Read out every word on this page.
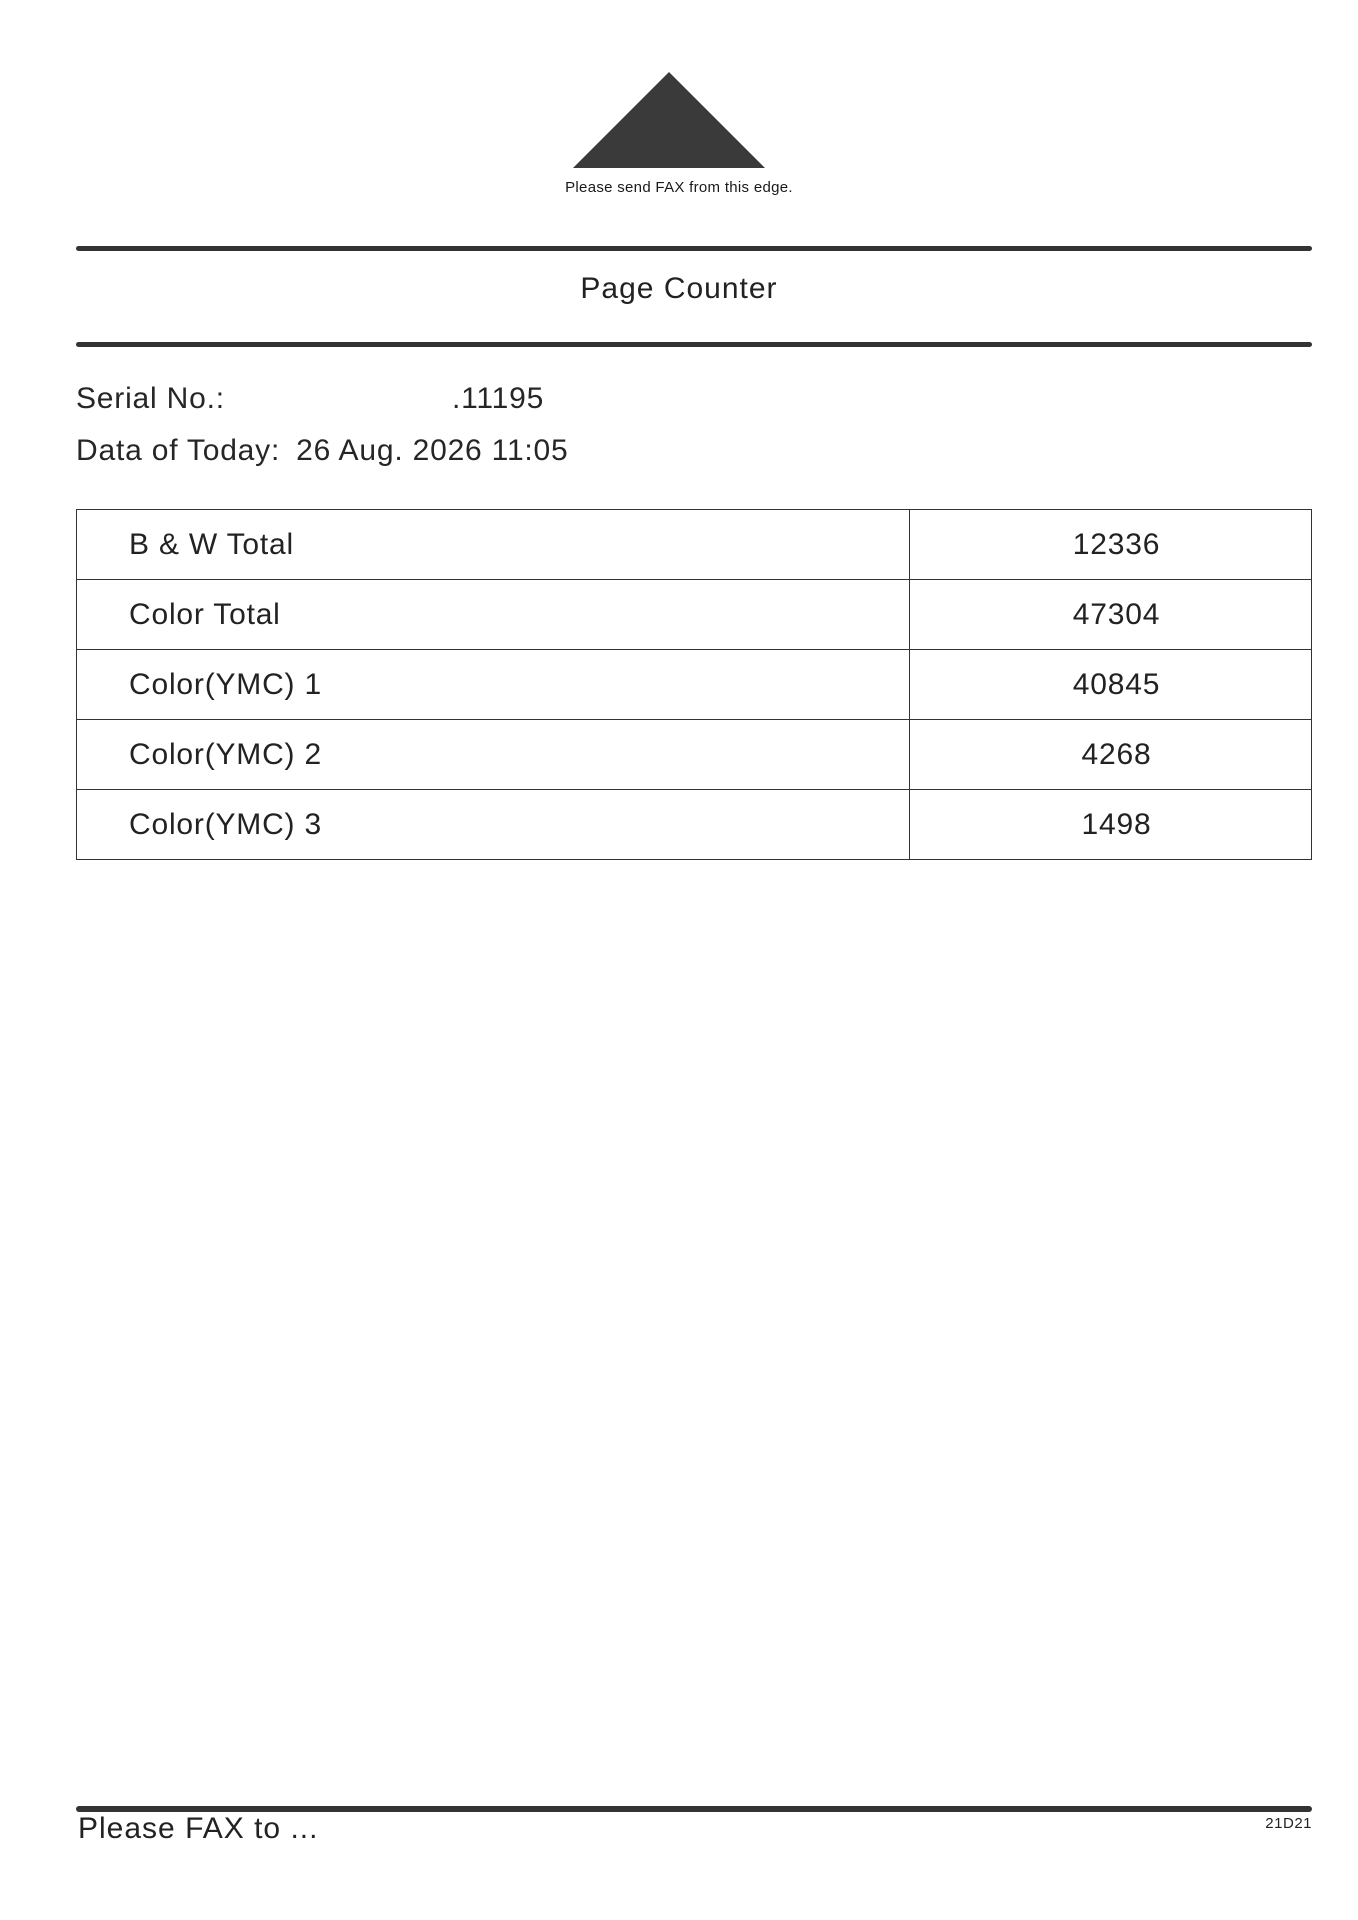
Please send FAX from this edge.
Page Counter
Serial No.:	.11195
Data of Today: 26 Aug. 2026 11:05
B & W Total	12336
Color Total	47304
Color(YMC) 1	40845
Color(YMC) 2	4268
Color(YMC) 3	1498
Please FAX to ...	21D21
